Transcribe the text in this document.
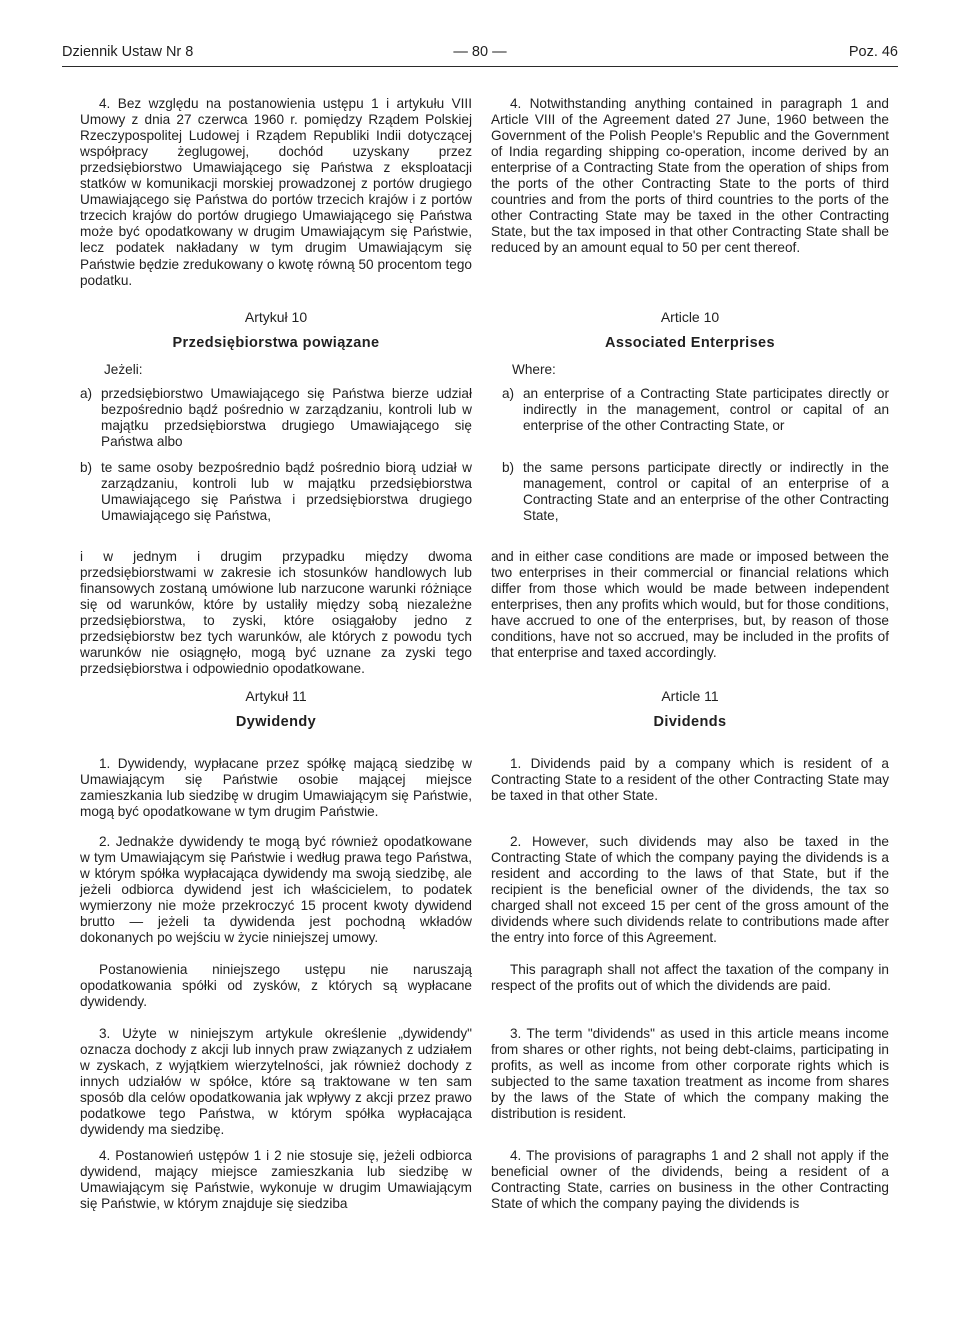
Dziennik Ustaw Nr 8	— 80 —	Poz. 46

4. Bez względu na postanowienia ustępu 1 i artykułu VIII Umowy z dnia 27 czerwca 1960 r. pomiędzy Rządem Polskiej Rzeczypospolitej Ludowej i Rządem Republiki Indii dotyczącej współpracy żeglugowej, dochód uzyskany przez przedsiębiorstwo Umawiającego się Państwa z eksploatacji statków w komunikacji morskiej prowadzonej z portów drugiego Umawiającego się Państwa do portów trzecich krajów i z portów trzecich krajów do portów drugiego Umawiającego się Państwa może być opodatkowany w drugim Umawiającym się Państwie, lecz podatek nakładany w tym drugim Umawiającym się Państwie będzie zredukowany o kwotę równą 50 procentom tego podatku.

Artykuł 10
Przedsiębiorstwa powiązane
Jeżeli:
a) przedsiębiorstwo Umawiającego się Państwa bierze udział bezpośrednio bądź pośrednio w zarządzaniu, kontroli lub w majątku przedsiębiorstwa drugiego Umawiającego się Państwa albo
b) te same osoby bezpośrednio bądź pośrednio biorą udział w zarządzaniu, kontroli lub w majątku przedsiębiorstwa Umawiającego się Państwa i przedsiębiorstwa drugiego Umawiającego się Państwa,

i w jednym i drugim przypadku między dwoma przedsiębiorstwami w zakresie ich stosunków handlowych lub finansowych zostaną umówione lub narzucone warunki różniące się od warunków, które by ustaliły między sobą niezależne przedsiębiorstwa, to zyski, które osiągałoby jedno z przedsiębiorstw bez tych warunków, ale których z powodu tych warunków nie osiągnęło, mogą być uznane za zyski tego przedsiębiorstwa i odpowiednio opodatkowane.

Artykuł 11
Dywidendy

1. Dywidendy, wypłacane przez spółkę mającą siedzibę w Umawiającym się Państwie osobie mającej miejsce zamieszkania lub siedzibę w drugim Umawiającym się Państwie, mogą być opodatkowane w tym drugim Państwie.

2. Jednakże dywidendy te mogą być również opodatkowane w tym Umawiającym się Państwie i według prawa tego Państwa, w którym spółka wypłacająca dywidendy ma swoją siedzibę, ale jeżeli odbiorca dywidend jest ich właścicielem, to podatek wymierzony nie może przekroczyć 15 procent kwoty dywidend brutto — jeżeli ta dywidenda jest pochodną wkładów dokonanych po wejściu w życie niniejszej umowy.

Postanowienia niniejszego ustępu nie naruszają opodatkowania spółki od zysków, z których są wypłacane dywidendy.

3. Użyte w niniejszym artykule określenie „dywidendy" oznacza dochody z akcji lub innych praw związanych z udziałem w zyskach, z wyjątkiem wierzytelności, jak również dochody z innych udziałów w spółce, które są traktowane w ten sam sposób dla celów opodatkowania jak wpływy z akcji przez prawo podatkowe tego Państwa, w którym spółka wypłacająca dywidendy ma siedzibę.

4. Postanowień ustępów 1 i 2 nie stosuje się, jeżeli odbiorca dywidend, mający miejsce zamieszkania lub siedzibę w Umawiającym się Państwie, wykonuje w drugim Umawiającym się Państwie, w którym znajduje się siedziba

4. Notwithstanding anything contained in paragraph 1 and Article VIII of the Agreement dated 27 June, 1960 between the Government of the Polish People's Republic and the Government of India regarding shipping co-operation, income derived by an enterprise of a Contracting State from the operation of ships from the ports of the other Contracting State to the ports of third countries and from the ports of third countries to the ports of the other Contracting State may be taxed in the other Contracting State, but the tax imposed in that other Contracting State shall be reduced by an amount equal to 50 per cent thereof.

Article 10
Associated Enterprises
Where:
a) an enterprise of a Contracting State participates directly or indirectly in the management, control or capital of an enterprise of the other Contracting State, or
b) the same persons participate directly or indirectly in the management, control or capital of an enterprise of a Contracting State and an enterprise of the other Contracting State,

and in either case conditions are made or imposed between the two enterprises in their commercial or financial relations which differ from those which would be made between independent enterprises, then any profits which would, but for those conditions, have accrued to one of the enterprises, but, by reason of those conditions, have not so accrued, may be included in the profits of that enterprise and taxed accordingly.

Article 11
Dividends

1. Dividends paid by a company which is resident of a Contracting State to a resident of the other Contracting State may be taxed in that other State.

2. However, such dividends may also be taxed in the Contracting State of which the company paying the dividends is a resident and according to the laws of that State, but if the recipient is the beneficial owner of the dividends, the tax so charged shall not exceed 15 per cent of the gross amount of the dividends where such dividends relate to contributions made after the entry into force of this Agreement.

This paragraph shall not affect the taxation of the company in respect of the profits out of which the dividends are paid.

3. The term "dividends" as used in this article means income from shares or other rights, not being debt-claims, participating in profits, as well as income from other corporate rights which is subjected to the same taxation treatment as income from shares by the laws of the State of which the company making the distribution is resident.

4. The provisions of paragraphs 1 and 2 shall not apply if the beneficial owner of the dividends, being a resident of a Contracting State, carries on business in the other Contracting State of which the company paying the dividends is
